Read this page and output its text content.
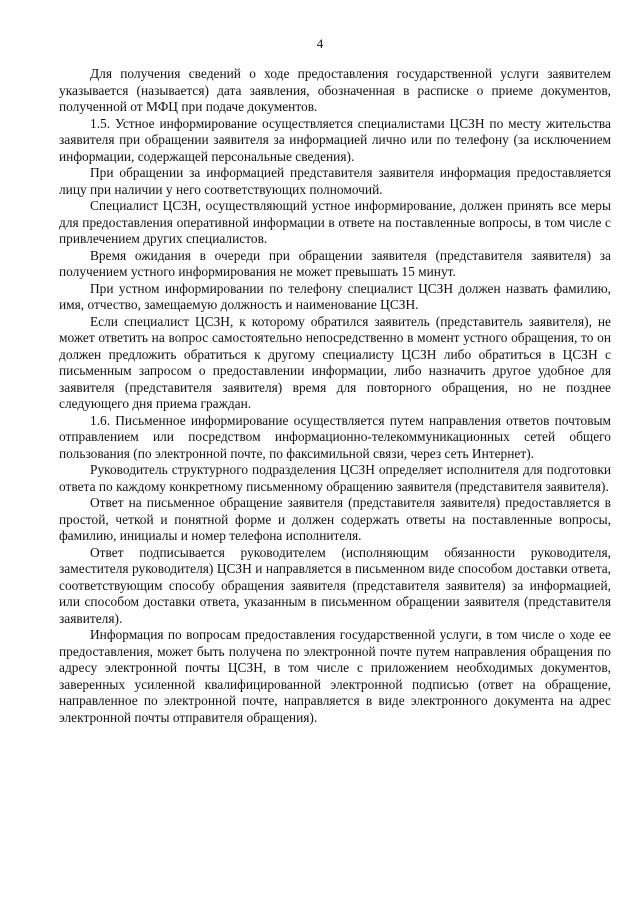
4

Для получения сведений о ходе предоставления государственной услуги заявителем указывается (называется) дата заявления, обозначенная в расписке о приеме документов, полученной от МФЦ при подаче документов.

1.5. Устное информирование осуществляется специалистами ЦСЗН по месту жительства заявителя при обращении заявителя за информацией лично или по телефону (за исключением информации, содержащей персональные сведения).

При обращении за информацией представителя заявителя информация предоставляется лицу при наличии у него соответствующих полномочий.

Специалист ЦСЗН, осуществляющий устное информирование, должен принять все меры для предоставления оперативной информации в ответе на поставленные вопросы, в том числе с привлечением других специалистов.

Время ожидания в очереди при обращении заявителя (представителя заявителя) за получением устного информирования не может превышать 15 минут.

При устном информировании по телефону специалист ЦСЗН должен назвать фамилию, имя, отчество, замещаемую должность и наименование ЦСЗН.

Если специалист ЦСЗН, к которому обратился заявитель (представитель заявителя), не может ответить на вопрос самостоятельно непосредственно в момент устного обращения, то он должен предложить обратиться к другому специалисту ЦСЗН либо обратиться в ЦСЗН с письменным запросом о предоставлении информации, либо назначить другое удобное для заявителя (представителя заявителя) время для повторного обращения, но не позднее следующего дня приема граждан.

1.6. Письменное информирование осуществляется путем направления ответов почтовым отправлением или посредством информационно-телекоммуникационных сетей общего пользования (по электронной почте, по факсимильной связи, через сеть Интернет).

Руководитель структурного подразделения ЦСЗН определяет исполнителя для подготовки ответа по каждому конкретному письменному обращению заявителя (представителя заявителя).

Ответ на письменное обращение заявителя (представителя заявителя) предоставляется в простой, четкой и понятной форме и должен содержать ответы на поставленные вопросы, фамилию, инициалы и номер телефона исполнителя.

Ответ подписывается руководителем (исполняющим обязанности руководителя, заместителя руководителя) ЦСЗН и направляется в письменном виде способом доставки ответа, соответствующим способу обращения заявителя (представителя заявителя) за информацией, или способом доставки ответа, указанным в письменном обращении заявителя (представителя заявителя).

Информация по вопросам предоставления государственной услуги, в том числе о ходе ее предоставления, может быть получена по электронной почте путем направления обращения по адресу электронной почты ЦСЗН, в том числе с приложением необходимых документов, заверенных усиленной квалифицированной электронной подписью (ответ на обращение, направленное по электронной почте, направляется в виде электронного документа на адрес электронной почты отправителя обращения).
